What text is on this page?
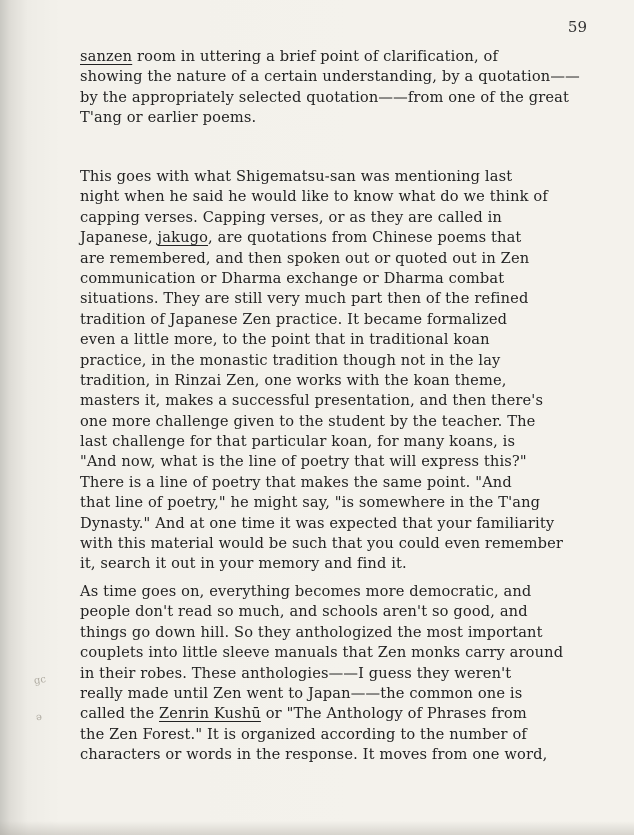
59
sanzen room in uttering a brief point of clarification, of
showing the nature of a certain understanding, by a quotation——
by the appropriately selected quotation——from one of the great
T'ang or earlier poems.
This goes with what Shigematsu-san was mentioning last
night when he said he would like to know what do we think of
capping verses. Capping verses, or as they are called in
Japanese, jakugo, are quotations from Chinese poems that
are remembered, and then spoken out or quoted out in Zen
communication or Dharma exchange or Dharma combat
situations. They are still very much part then of the refined
tradition of Japanese Zen practice. It became formalized
even a little more, to the point that in traditional koan
practice, in the monastic tradition though not in the lay
tradition, in Rinzai Zen, one works with the koan theme,
masters it, makes a successful presentation, and then there's
one more challenge given to the student by the teacher. The
last challenge for that particular koan, for many koans, is
"And now, what is the line of poetry that will express this?"
There is a line of poetry that makes the same point. "And
that line of poetry," he might say, "is somewhere in the T'ang
Dynasty." And at one time it was expected that your familiarity
with this material would be such that you could even remember
it, search it out in your memory and find it.
As time goes on, everything becomes more democratic, and
people don't read so much, and schools aren't so good, and
things go down hill. So they anthologized the most important
couplets into little sleeve manuals that Zen monks carry around
in their robes. These anthologies——I guess they weren't
really made until Zen went to Japan——the common one is
called the Zenrin Kushū or "The Anthology of Phrases from
the Zen Forest." It is organized according to the number of
characters or words in the response. It moves from one word,
gc
ə
